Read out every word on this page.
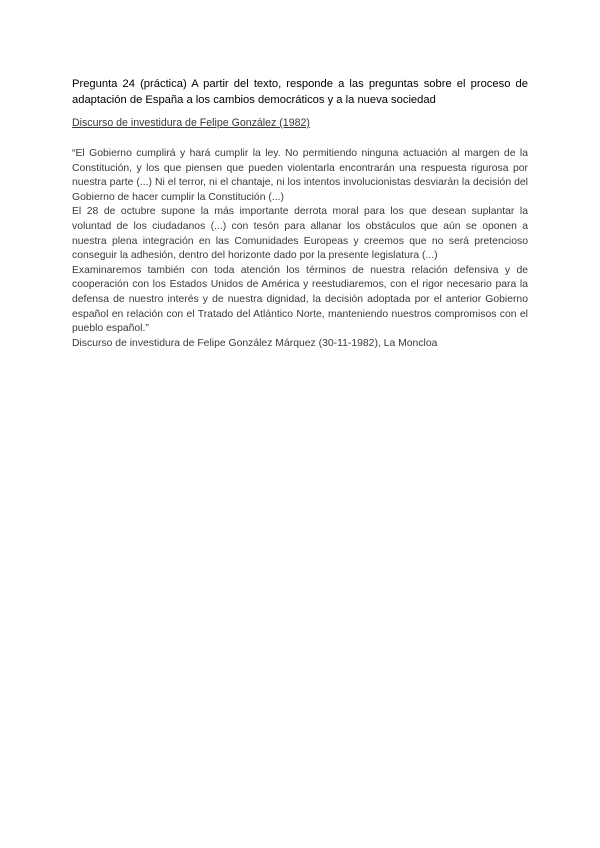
Pregunta 24 (práctica) A partir del texto, responde a las preguntas sobre el proceso de adaptación de España a los cambios democráticos y a la nueva sociedad

Discurso de investidura de Felipe González (1982)

“El Gobierno cumplirá y hará cumplir la ley. No permitiendo ninguna actuación al margen de la Constitución, y los que piensen que pueden violentarla encontrarán una respuesta rigurosa por nuestra parte (...) Ni el terror, ni el chantaje, ni los intentos involucionistas desviarán la decisión del Gobierno de hacer cumplir la Constitución (...)

El 28 de octubre supone la más importante derrota moral para los que desean suplantar la voluntad de los ciudadanos (...) con tesón para allanar los obstáculos que aún se oponen a nuestra plena integración en las Comunidades Europeas y creemos que no será pretencioso conseguir la adhesión, dentro del horizonte dado por la presente legislatura (...)

Examinaremos también con toda atención los términos de nuestra relación defensiva y de cooperación con los Estados Unidos de América y reestudiaremos, con el rigor necesario para la defensa de nuestro interés y de nuestra dignidad, la decisión adoptada por el anterior Gobierno español en relación con el Tratado del Atlántico Norte, manteniendo nuestros compromisos con el pueblo español.”

Discurso de investidura de Felipe González Márquez (30-11-1982), La Moncloa
